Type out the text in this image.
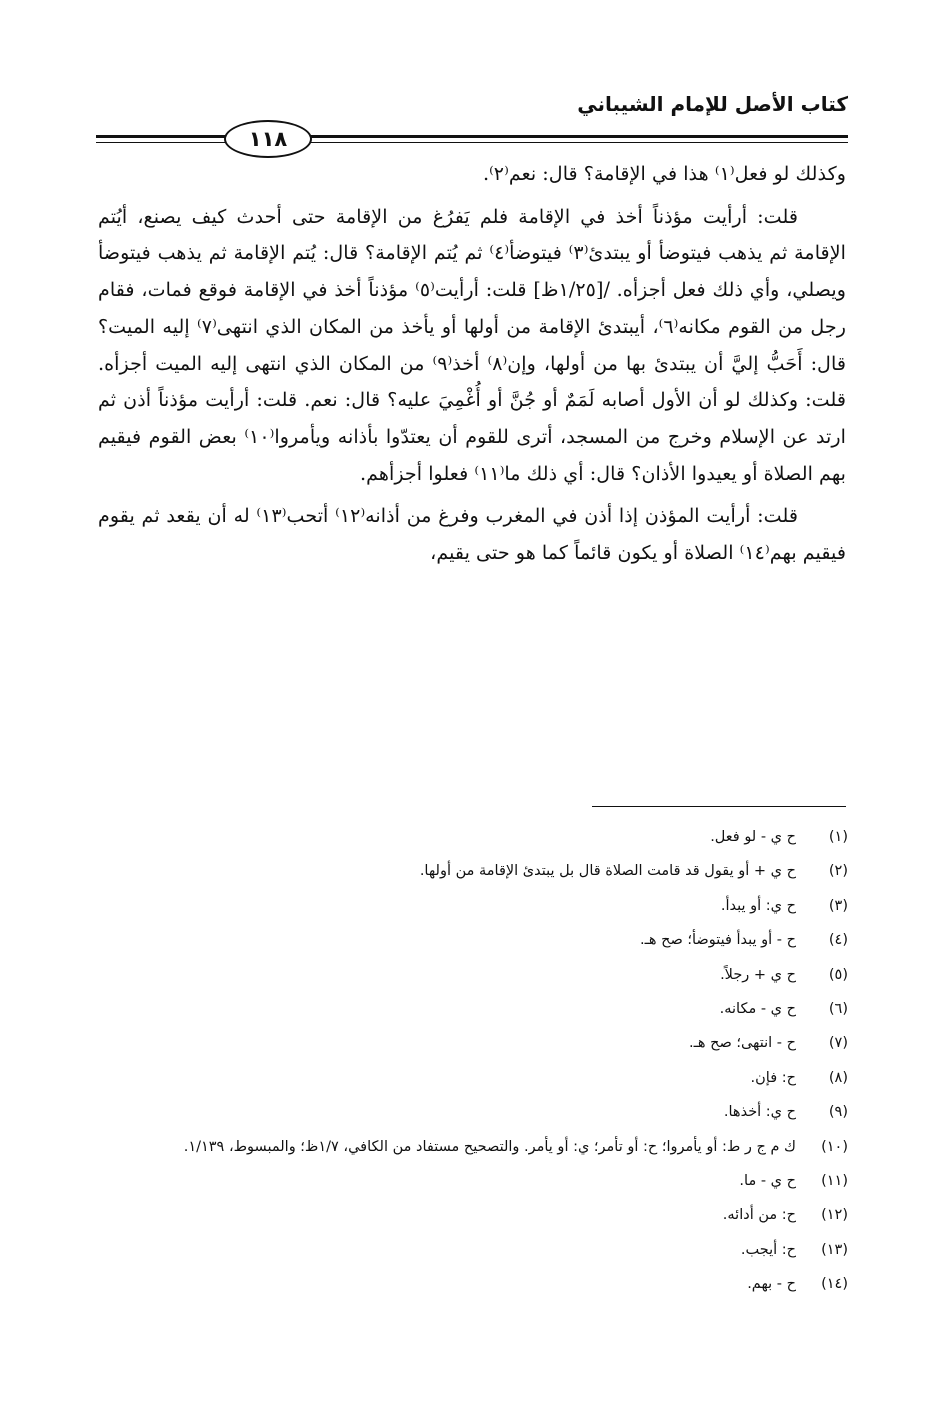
كتاب الأصل للإمام الشيباني
١١٨

وكذلك لو فعل⁽١⁾ هذا في الإقامة؟ قال: نعم⁽٢⁾.

قلت: أرأيت مؤذناً أخذ في الإقامة فلم يَفرُغ من الإقامة حتى أحدث كيف يصنع، أيُتم الإقامة ثم يذهب فيتوضأ أو يبتدئ⁽٣⁾ فيتوضأ⁽٤⁾ ثم يُتم الإقامة؟ قال: يُتم الإقامة ثم يذهب فيتوضأ ويصلي، وأي ذلك فعل أجزأه. /[١/٢٥ظ] قلت: أرأيت⁽٥⁾ مؤذناً أخذ في الإقامة فوقع فمات، فقام رجل من القوم مكانه⁽٦⁾، أيبتدئ الإقامة من أولها أو يأخذ من المكان الذي انتهى⁽٧⁾ إليه الميت؟ قال: أَحَبُّ إليَّ أن يبتدئ بها من أولها، وإن⁽٨⁾ أخذ⁽٩⁾ من المكان الذي انتهى إليه الميت أجزأه. قلت: وكذلك لو أن الأول أصابه لَمَمٌ أو جُنَّ أو أُغْمِيَ عليه؟ قال: نعم. قلت: أرأيت مؤذناً أذن ثم ارتد عن الإسلام وخرج من المسجد، أترى للقوم أن يعتدّوا بأذانه ويأمروا⁽١٠⁾ بعض القوم فيقيم بهم الصلاة أو يعيدوا الأذان؟ قال: أي ذلك ما⁽١١⁾ فعلوا أجزأهم.

قلت: أرأيت المؤذن إذا أذن في المغرب وفرغ من أذانه⁽١٢⁾ أتحب⁽١٣⁾ له أن يقعد ثم يقوم فيقيم بهم⁽١٤⁾ الصلاة أو يكون قائماً كما هو حتى يقيم،

(١)
ح ي - لو فعل.
(٢)
ح ي + أو يقول قد قامت الصلاة قال بل يبتدئ الإقامة من أولها.
(٣)
ح ي: أو يبدأ.
(٤)
ح - أو يبدأ فيتوضأ؛ صح هـ.
(٥)
ح ي + رجلاً.
(٦)
ح ي - مكانه.
(٧)
ح - انتهى؛ صح هـ.
(٨)
ح: فإن.
(٩)
ح ي: أخذها.
(١٠)
ك م ج ر ط: أو يأمروا؛ ح: أو تأمر؛ ي: أو يأمر. والتصحيح مستفاد من الكافي، ١/٧ظ؛ والمبسوط، ١/١٣٩.
(١١)
ح ي - ما.
(١٢)
ح: من أدائه.
(١٣)
ح: أيجب.
(١٤)
ح - بهم.
